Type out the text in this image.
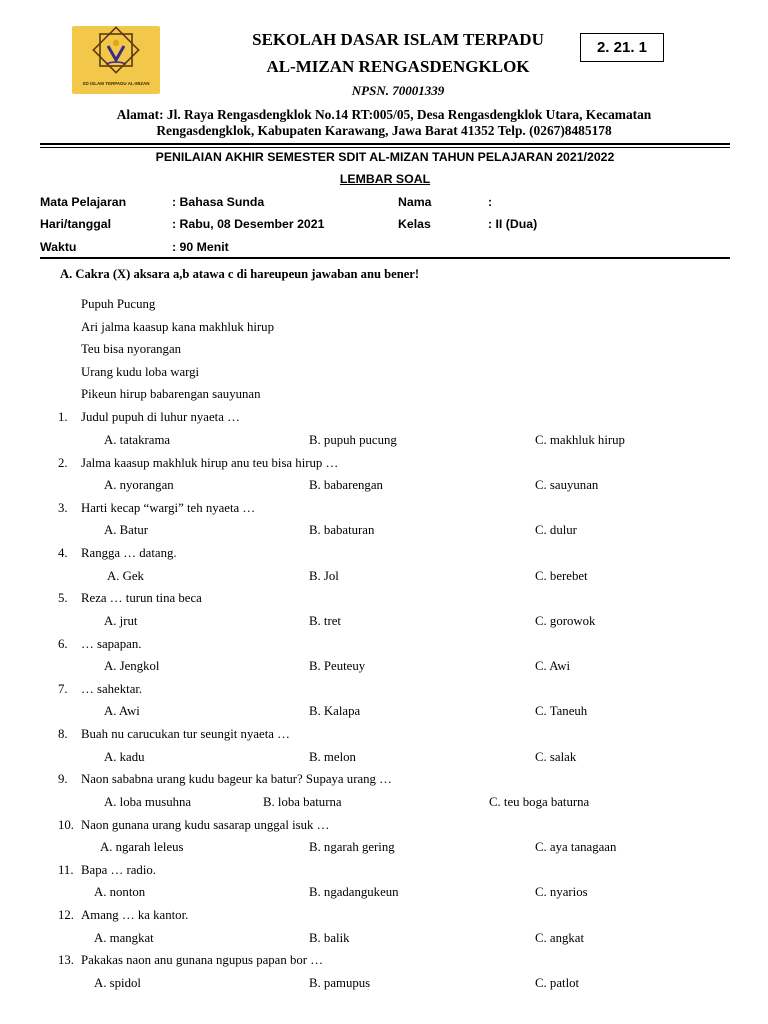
SD ISLAM TERPADU AL-MIZAN
SEKOLAH DASAR ISLAM TERPADU
AL-MIZAN RENGASDENGKLOK
NPSN. 70001339
2. 21. 1
Alamat: Jl. Raya Rengasdengklok No.14 RT:005/05, Desa Rengasdengklok Utara, Kecamatan
Rengasdengklok, Kabupaten Karawang, Jawa Barat 41352 Telp. (0267)8485178
PENILAIAN AKHIR SEMESTER SDIT AL-MIZAN TAHUN PELAJARAN 2021/2022
LEMBAR SOAL
Mata Pelajaran	: Bahasa Sunda	Nama	:
Hari/tanggal	: Rabu, 08 Desember 2021	Kelas	: II (Dua)
Waktu	: 90 Menit
A. Cakra (X) aksara a,b atawa c di hareupeun jawaban anu bener!
Pupuh Pucung
Ari jalma kaasup kana makhluk hirup
Teu bisa nyorangan
Urang kudu loba wargi
Pikeun hirup babarengan sauyunan
1. Judul pupuh di luhur nyaeta …
A. tatakrama	B. pupuh pucung	C. makhluk hirup
2. Jalma kaasup makhluk hirup anu teu bisa hirup …
A. nyorangan	B. babarengan	C. sauyunan
3. Harti kecap “wargi” teh nyaeta …
A. Batur	B. babaturan	C. dulur
4. Rangga … datang.
A. Gek	B. Jol	C. berebet
5. Reza … turun tina beca
A. jrut	B. tret	C. gorowok
6. … sapapan.
A. Jengkol	B. Peuteuy	C. Awi
7. … sahektar.
A. Awi	B. Kalapa	C. Taneuh
8. Buah nu carucukan tur seungit nyaeta …
A. kadu	B. melon	C. salak
9. Naon sababna urang kudu bageur ka batur? Supaya urang …
A. loba musuhna	B. loba baturna	C. teu boga baturna
10. Naon gunana urang kudu sasarap unggal isuk …
A. ngarah leleus	B. ngarah gering	C. aya tanagaan
11. Bapa … radio.
A. nonton	B. ngadangukeun	C. nyarios
12. Amang … ka kantor.
A. mangkat	B. balik	C. angkat
13. Pakakas naon anu gunana ngupus papan bor …
A. spidol	B. pamupus	C. patlot
